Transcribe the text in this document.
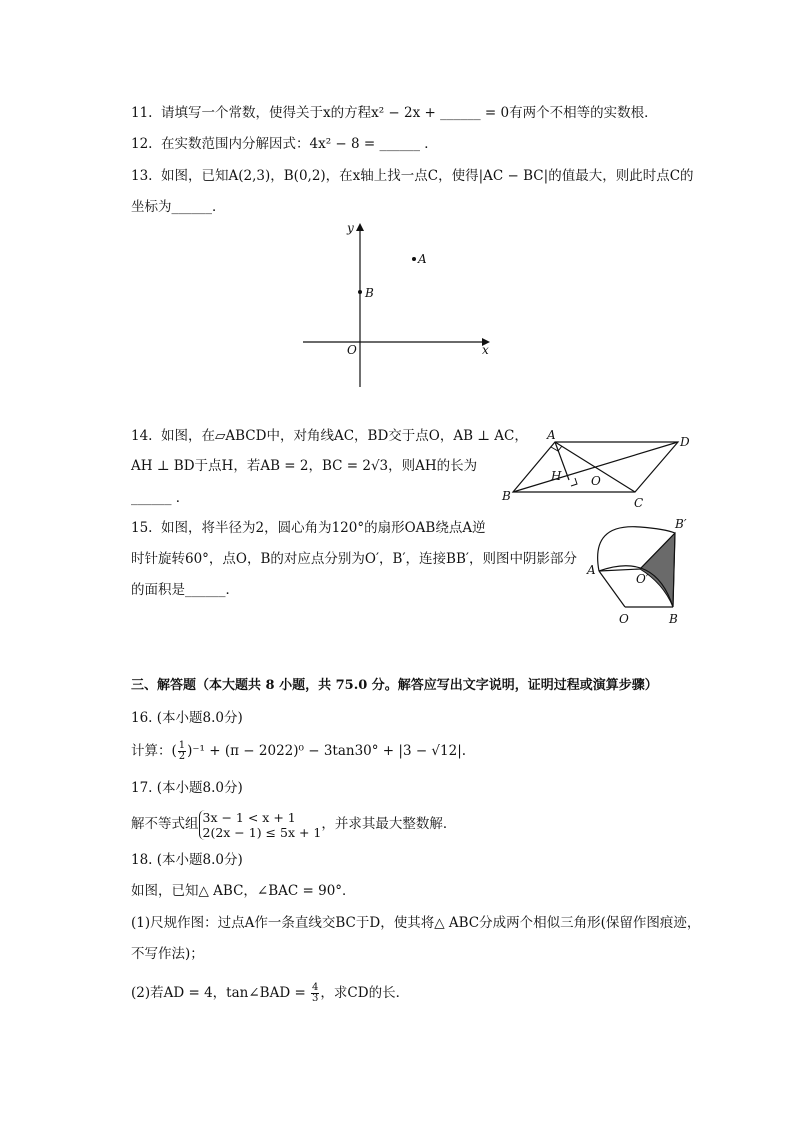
11. 请填写一个常数，使得关于x的方程x² − 2x + ______ = 0有两个不相等的实数根．
12. 在实数范围内分解因式：4x² − 8 = ______ ．
13. 如图，已知A(2,3)，B(0,2)，在x轴上找一点C，使得|AC − BC|的值最大，则此时点C的
坐标为______．
y
x
O
A
B
14. 如图，在▱ABCD中，对角线AC，BD交于点O，AB ⊥ AC，
AH ⊥ BD于点H，若AB = 2，BC = 2√3，则AH的长为
______ ．
A	D
B	C
H O
15. 如图，将半径为2，圆心角为120°的扇形OAB绕点A逆
时针旋转60°，点O，B的对应点分别为O′，B′，连接BB′，则图中阴影部分
的面积是______．
A
O	B
O′
B′
三、解答题（本大题共 8 小题，共 75.0 分。解答应写出文字说明，证明过程或演算步骤）
16. (本小题8.0分)
计算：( $\frac{1}{2} )^{-1} + (\pi - 2022)^0 - 3\tan 30^\circ + |3 - √12|$.
17. (本小题8.0分)
解不等式组 3x − 1 < x + 1
2(2x − 1) ≤ 5x + 1 ，并求其最大整数解．
18. (本小题8.0分)
如图，已知△ ABC，∠BAC = 90°．
(1)尺规作图：过点A作一条直线交BC于D，使其将△ ABC分成两个相似三角形(保留作图痕迹，
不写作法)；
(2)若AD = 4，tan∠BAD = $\frac{4}{3}$ ，求CD的长．
